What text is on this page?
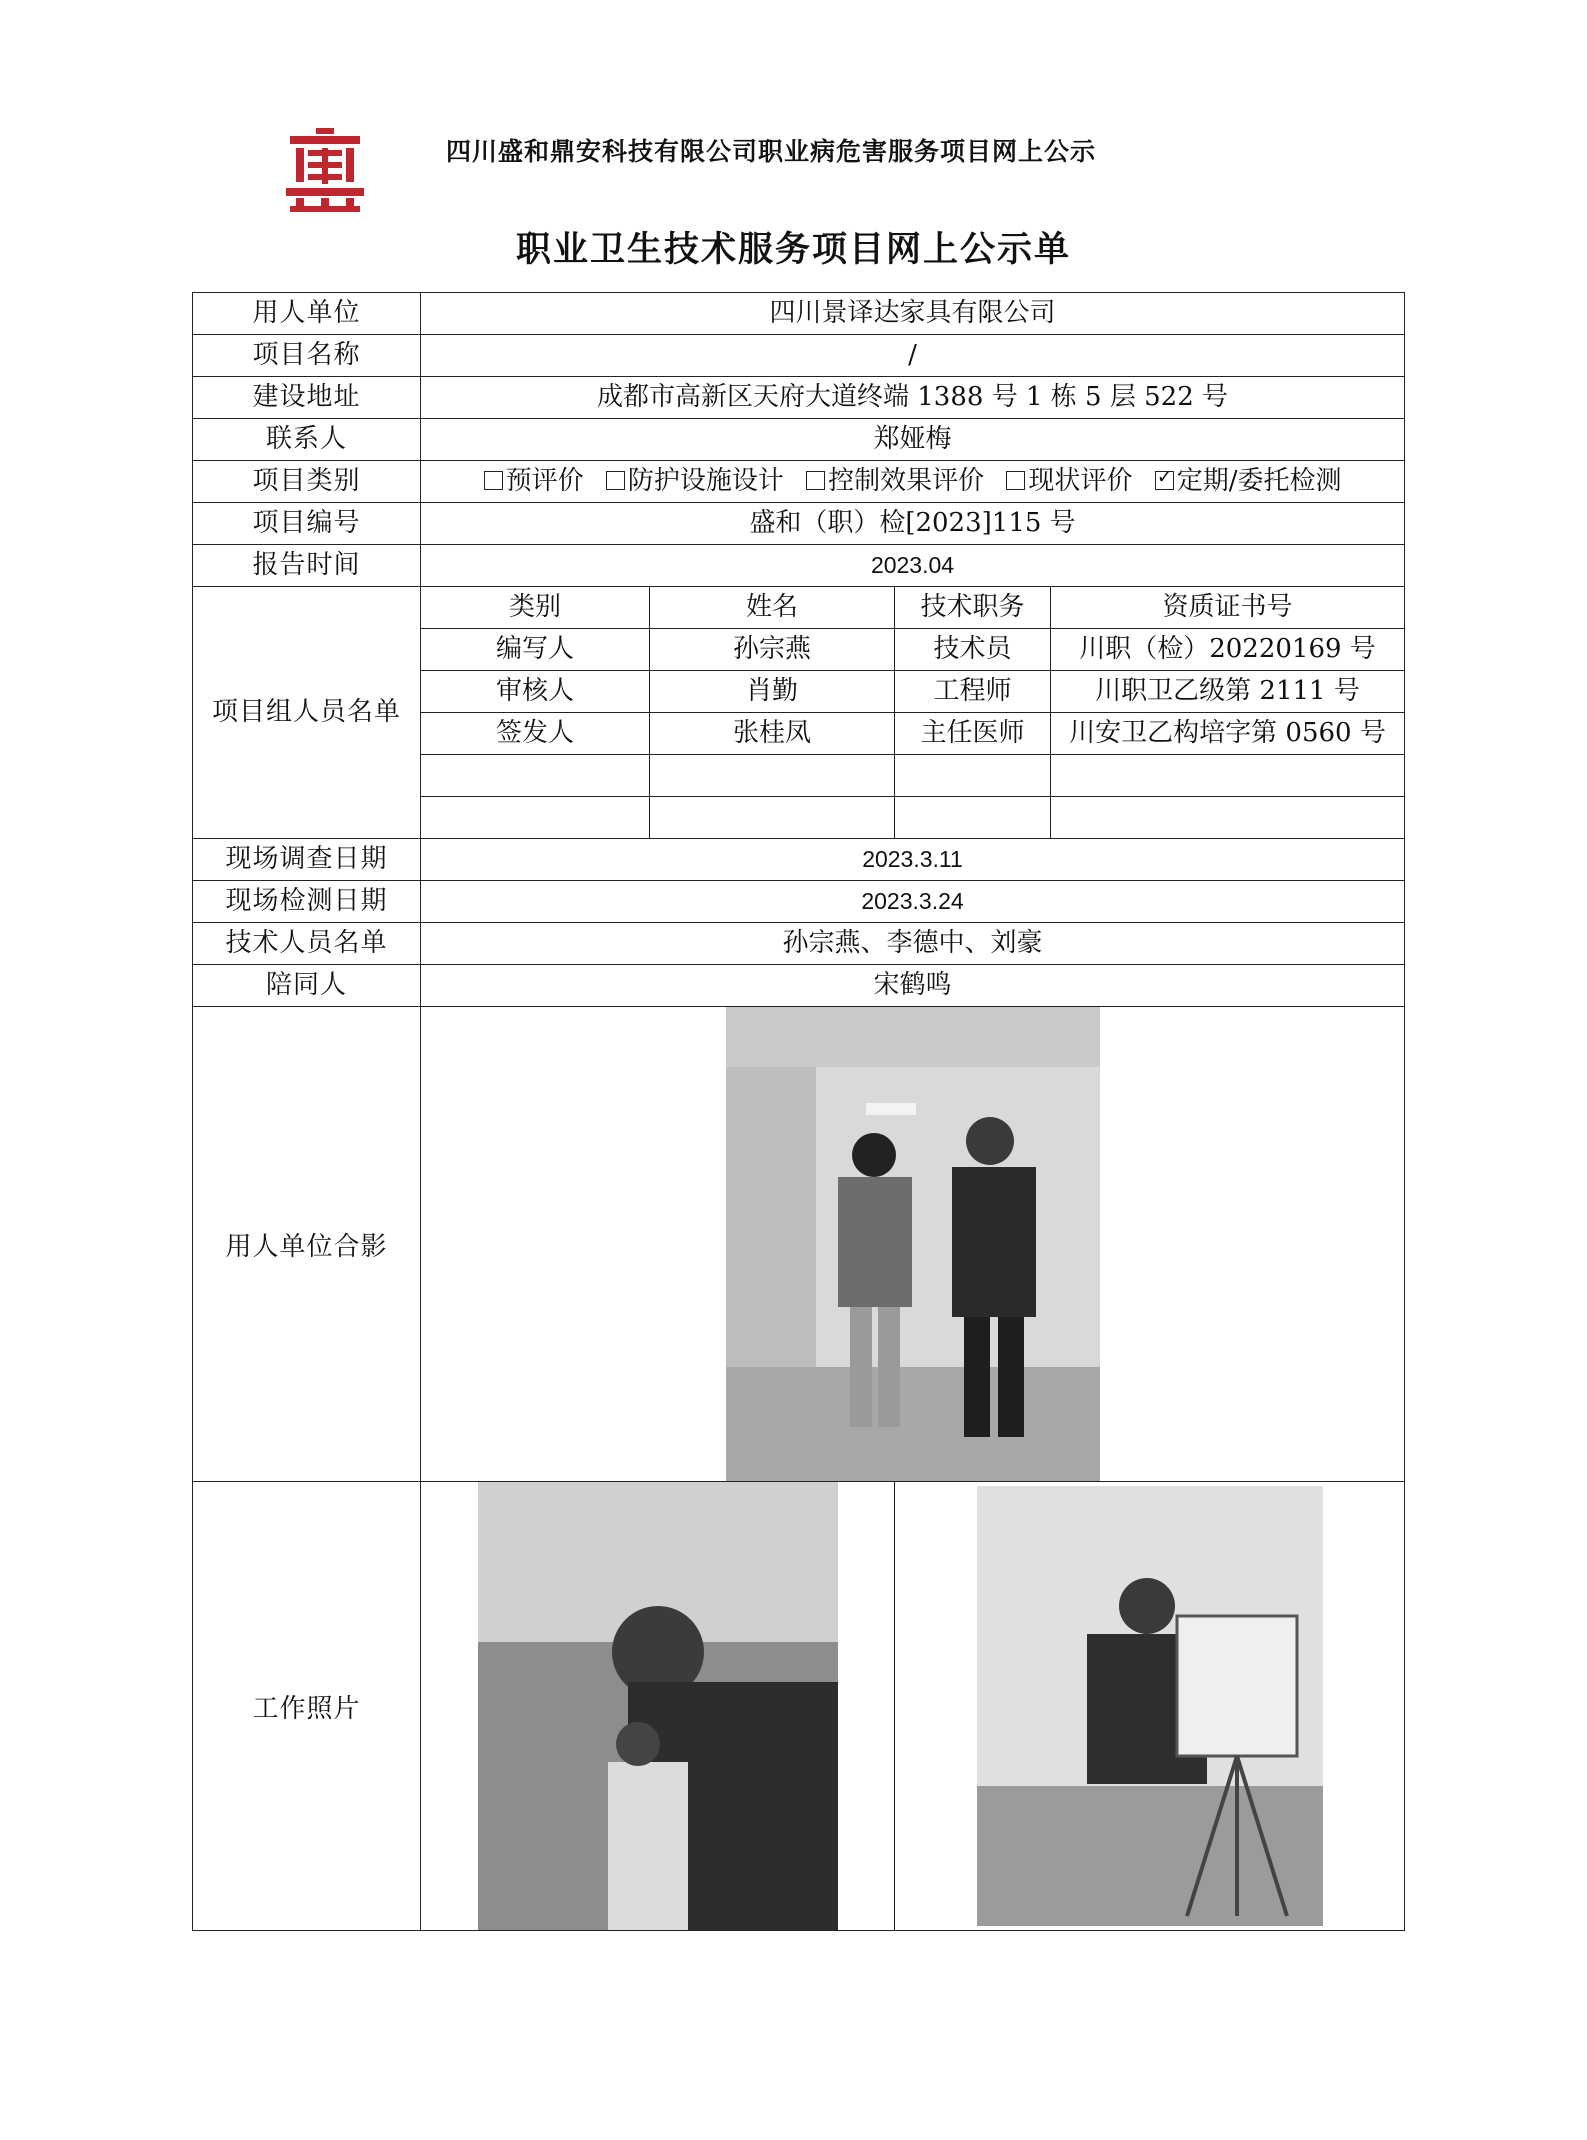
四川盛和鼎安科技有限公司职业病危害服务项目网上公示
职业卫生技术服务项目网上公示单
用人单位	四川景译达家具有限公司			
项目名称	/			
建设地址	成都市高新区天府大道终端 1388 号 1 栋 5 层 522 号			
联系人	郑娅梅			
项目类别	预评价 防护设施设计 控制效果评价 现状评价 ✓ 定期/委托检测
项目编号	盛和（职）检[2023]115 号			
报告时间	2023.04			
项目组人员名单	类别	姓名	技术职务	资质证书号
	编写人	孙宗燕	技术员	川职（检）20220169 号
	审核人	肖勤	工程师	川职卫乙级第 2111 号
	签发人	张桂凤	主任医师	川安卫乙构培字第 0560 号

现场调查日期	2023.3.11			
现场检测日期	2023.3.24			
技术人员名单	孙宗燕、李德中、刘豪			
陪同人	宋鹤鸣			
用人单位合影	

工作照片	
